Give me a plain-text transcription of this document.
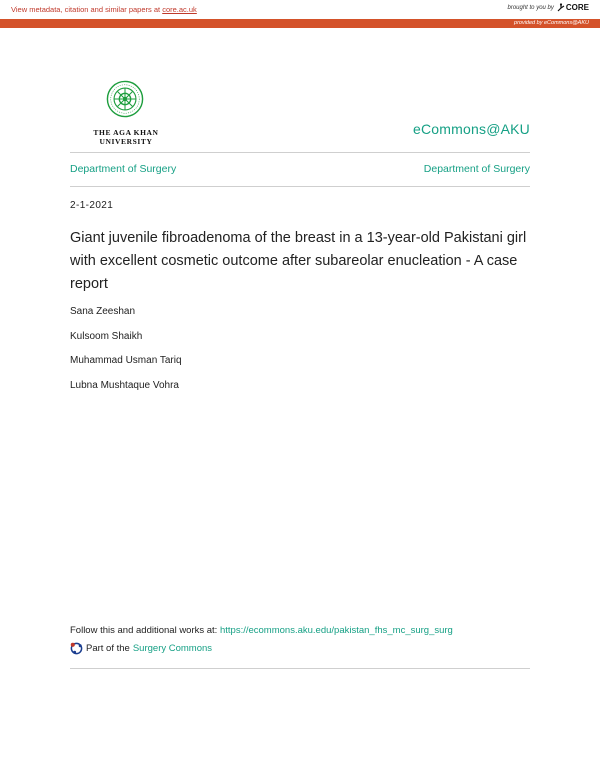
View metadata, citation and similar papers at core.ac.uk	brought to you by CORE
provided by eCommons@AKU
THE AGA KHAN UNIVERSITY
eCommons@AKU
Department of Surgery	Department of Surgery
2-1-2021
Giant juvenile fibroadenoma of the breast in a 13-year-old Pakistani girl with excellent cosmetic outcome after subareolar enucleation - A case report
Sana Zeeshan
Kulsoom Shaikh
Muhammad Usman Tariq
Lubna Mushtaque Vohra
Follow this and additional works at: https://ecommons.aku.edu/pakistan_fhs_mc_surg_surg
Part of the Surgery Commons
